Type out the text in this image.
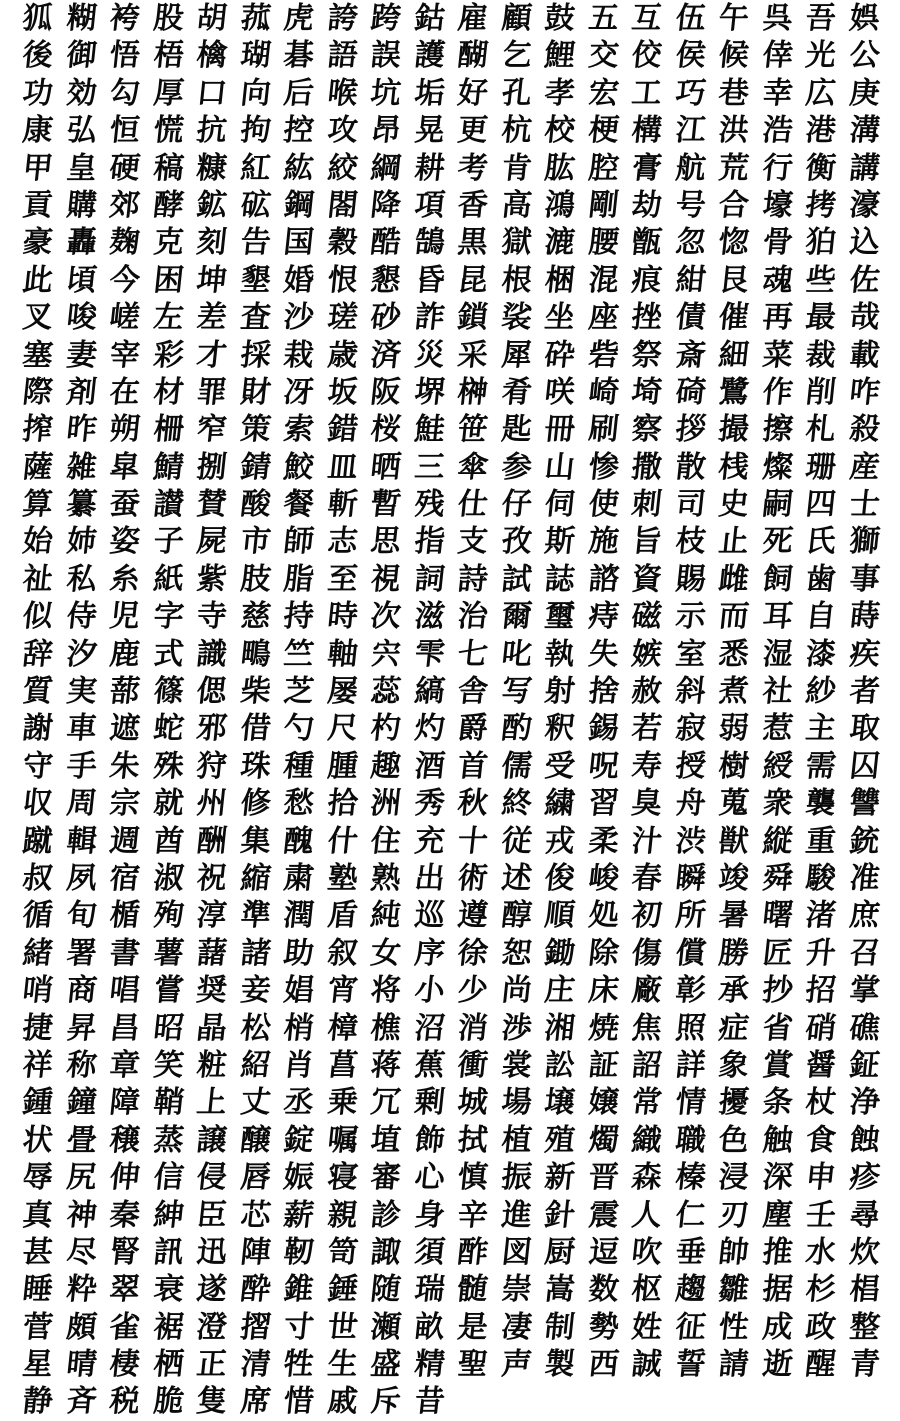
狐 糊 袴 股 胡 菰 虎 誇 跨 鈷 雇 顧 鼓 五 互 伍 午 呉 吾 娯
後 御 悟 梧 檎 瑚 碁 語 誤 護 醐 乞 鯉 交 佼 侯 候 倖 光 公
功 効 勾 厚 口 向 后 喉 坑 垢 好 孔 孝 宏 工 巧 巷 幸 広 庚
康 弘 恒 慌 抗 拘 控 攻 昂 晃 更 杭 校 梗 構 江 洪 浩 港 溝
甲 皇 硬 稿 糠 紅 紘 絞 綱 耕 考 肯 肱 腔 膏 航 荒 行 衡 講
貢 購 郊 酵 鉱 砿 鋼 閤 降 項 香 高 鴻 剛 劫 号 合 壕 拷 濠
豪 轟 麹 克 刻 告 国 穀 酷 鵠 黒 獄 漉 腰 甑 忽 惚 骨 狛 込
此 頃 今 困 坤 墾 婚 恨 懇 昏 昆 根 梱 混 痕 紺 艮 魂 些 佐
叉 唆 嵯 左 差 査 沙 瑳 砂 詐 鎖 裟 坐 座 挫 債 催 再 最 哉
塞 妻 宰 彩 才 採 栽 歳 済 災 采 犀 砕 砦 祭 斎 細 菜 裁 載
際 剤 在 材 罪 財 冴 坂 阪 堺 榊 肴 咲 崎 埼 碕 鷺 作 削 咋
搾 昨 朔 柵 窄 策 索 錯 桜 鮭 笹 匙 冊 刷 察 拶 撮 擦 札 殺
薩 雑 皐 鯖 捌 錆 鮫 皿 晒 三 傘 参 山 惨 撒 散 桟 燦 珊 産
算 纂 蚕 讃 賛 酸 餐 斬 暫 残 仕 仔 伺 使 刺 司 史 嗣 四 士
始 姉 姿 子 屍 市 師 志 思 指 支 孜 斯 施 旨 枝 止 死 氏 獅
祉 私 糸 紙 紫 肢 脂 至 視 詞 詩 試 誌 諮 資 賜 雌 飼 歯 事
似 侍 児 字 寺 慈 持 時 次 滋 治 爾 璽 痔 磁 示 而 耳 自 蒔
辞 汐 鹿 式 識 鴫 竺 軸 宍 雫 七 叱 執 失 嫉 室 悉 湿 漆 疾
質 実 蔀 篠 偲 柴 芝 屡 蕊 縞 舎 写 射 捨 赦 斜 煮 社 紗 者
謝 車 遮 蛇 邪 借 勺 尺 杓 灼 爵 酌 釈 錫 若 寂 弱 惹 主 取
守 手 朱 殊 狩 珠 種 腫 趣 酒 首 儒 受 呪 寿 授 樹 綬 需 囚
収 周 宗 就 州 修 愁 拾 洲 秀 秋 終 繍 習 臭 舟 蒐 衆 襲 讐
蹴 輯 週 酋 酬 集 醜 什 住 充 十 従 戎 柔 汁 渋 獣 縦 重 銃
叔 夙 宿 淑 祝 縮 粛 塾 熟 出 術 述 俊 峻 春 瞬 竣 舜 駿 准
循 旬 楯 殉 淳 準 潤 盾 純 巡 遵 醇 順 処 初 所 暑 曙 渚 庶
緒 署 書 薯 藷 諸 助 叙 女 序 徐 恕 鋤 除 傷 償 勝 匠 升 召
哨 商 唱 嘗 奨 妾 娼 宵 将 小 少 尚 庄 床 廠 彰 承 抄 招 掌
捷 昇 昌 昭 晶 松 梢 樟 樵 沼 消 渉 湘 焼 焦 照 症 省 硝 礁
祥 称 章 笑 粧 紹 肖 菖 蒋 蕉 衝 裳 訟 証 詔 詳 象 賞 醤 鉦
鍾 鐘 障 鞘 上 丈 丞 乗 冗 剰 城 場 壌 嬢 常 情 擾 条 杖 浄
状 畳 穣 蒸 譲 醸 錠 嘱 埴 飾 拭 植 殖 燭 織 職 色 触 食 蝕
辱 尻 伸 信 侵 唇 娠 寝 審 心 慎 振 新 晋 森 榛 浸 深 申 疹
真 神 秦 紳 臣 芯 薪 親 診 身 辛 進 針 震 人 仁 刃 塵 壬 尋
甚 尽 腎 訊 迅 陣 靭 笥 諏 須 酢 図 厨 逗 吹 垂 帥 推 水 炊
睡 粋 翠 衰 遂 酔 錐 錘 随 瑞 髄 崇 嵩 数 枢 趨 雛 据 杉 椙
菅 頗 雀 裾 澄 摺 寸 世 瀬 畝 是 凄 制 勢 姓 征 性 成 政 整
星 晴 棲 栖 正 清 牲 生 盛 精 聖 声 製 西 誠 誓 請 逝 醒 青
静 斉 税 脆 隻 席 惜 戚 斥 昔
